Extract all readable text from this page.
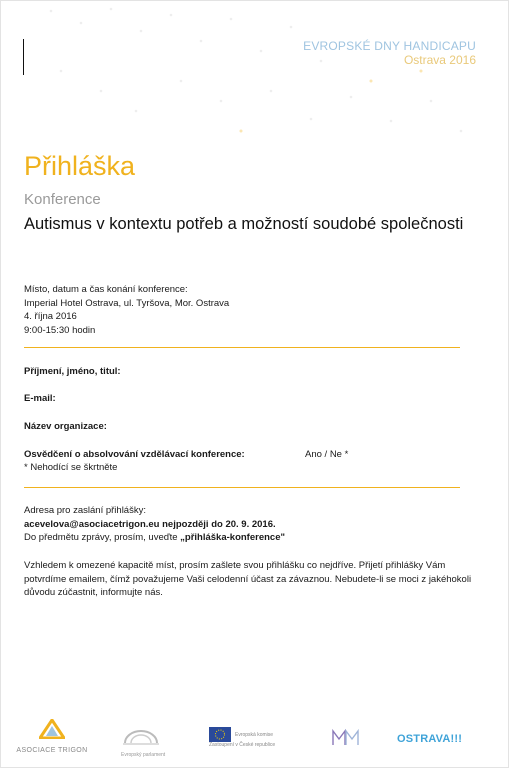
EVROPSKÉ DNY HANDICAPU
Ostrava 2016
Přihláška
Konference
Autismus v kontextu potřeb a možností soudobé společnosti
Místo, datum a čas konání konference:
Imperial Hotel Ostrava, ul. Tyršova, Mor. Ostrava
4. října 2016
9:00-15:30 hodin
Příjmení, jméno, titul:
E-mail:
Název organizace:
Osvědčení o absolvování vzdělávací konference:	Ano / Ne *
* Nehodící se škrtněte
Adresa pro zaslání přihlášky:
acevelova@asociacetrigon.eu nejpozději do 20. 9. 2016.
Do předmětu zprávy, prosím, uveďte „přihláška-konference"
Vzhledem k omezené kapacitě míst, prosím zašlete svou přihlášku co nejdříve. Přijetí přihlášky Vám potvrdíme emailem, čímž považujeme Vaši celodenní účast za závaznou. Nebudete-li se moci z jakéhokoli důvodu zúčastnit, informujte nás.
ASOCIACE TRIGON
Evropský parlament
Evropská komise
Zastoupení v České republice	OSTRAVA!!!
